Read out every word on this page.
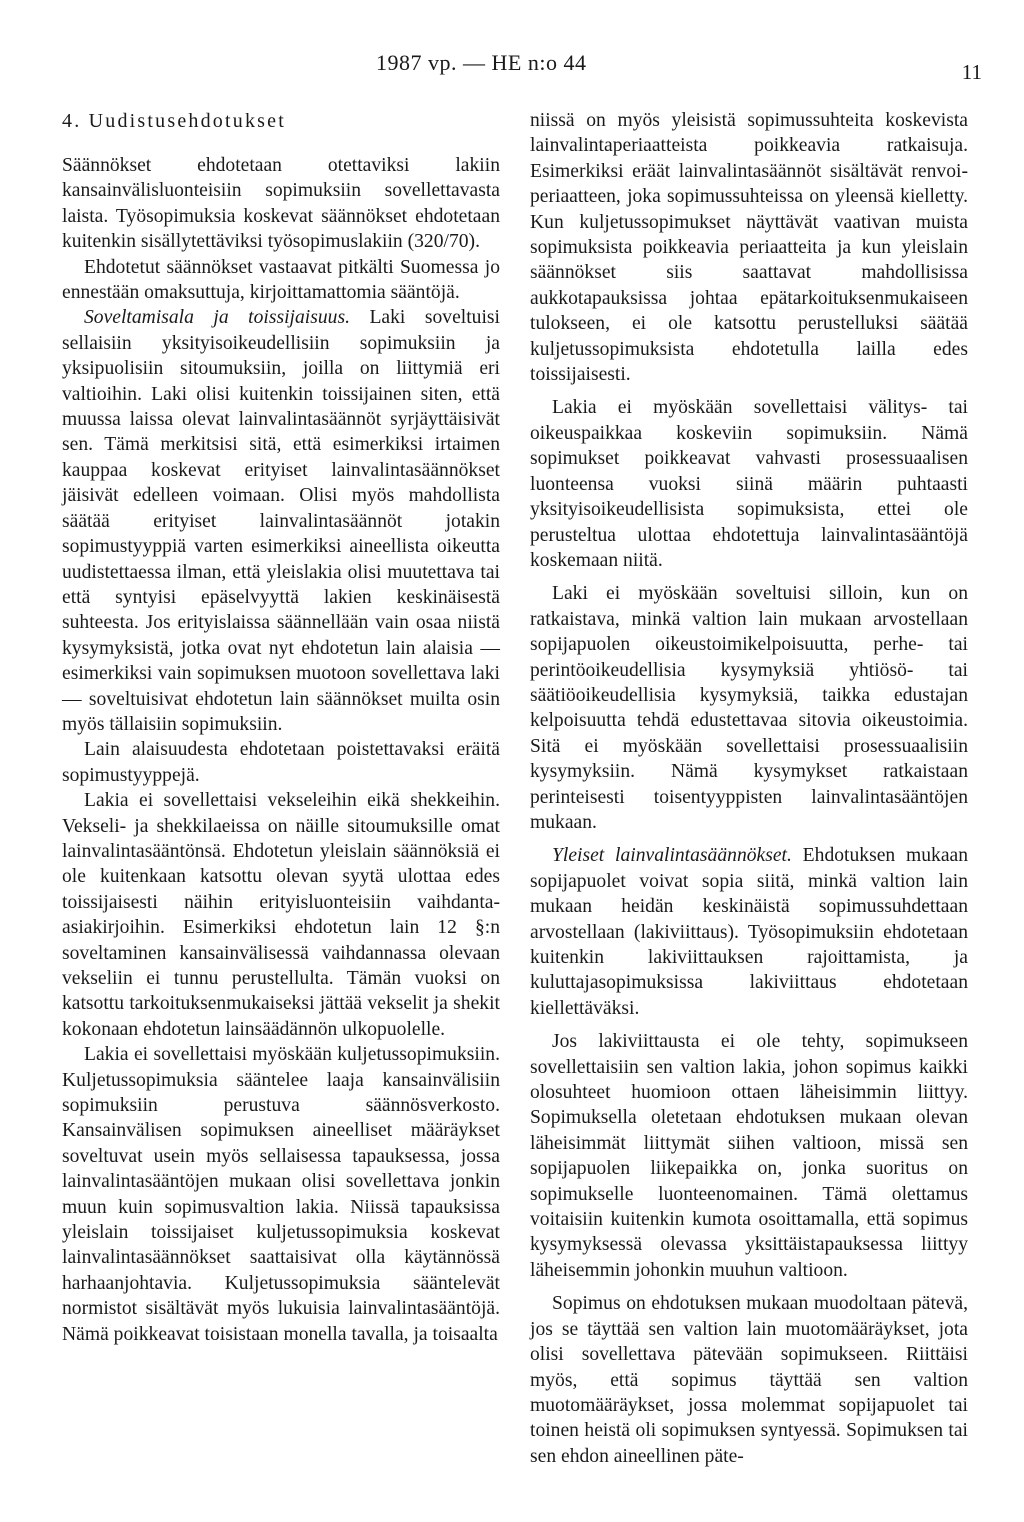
1987 vp. — HE n:o 44	11
4. Uudistusehdotukset

Säännökset ehdotetaan otettaviksi lakiin kansainvälisluonteisiin sopimuksiin sovellettavasta laista. Työsopimuksia koskevat säännökset ehdotetaan kuitenkin sisällytettäviksi työsopimuslakiin (320/70).

Ehdotetut säännökset vastaavat pitkälti Suomessa jo ennestään omaksuttuja, kirjoittamattomia sääntöjä.

Soveltamisala ja toissijaisuus. Laki soveltuisi sellaisiin yksityisoikeudellisiin sopimuksiin ja yksipuolisiin sitoumuksiin, joilla on liittymiä eri valtioihin. Laki olisi kuitenkin toissijainen siten, että muussa laissa olevat lainvalintasäännöt syrjäyttäisivät sen. Tämä merkitsisi sitä, että esimerkiksi irtaimen kauppaa koskevat erityiset lainvalintasäännökset jäisivät edelleen voimaan. Olisi myös mahdollista säätää erityiset lainvalintasäännöt jotakin sopimustyyppiä varten esimerkiksi aineellista oikeutta uudistettaessa ilman, että yleislakia olisi muutettava tai että syntyisi epäselvyyttä lakien keskinäisestä suhteesta. Jos erityislaissa säännellään vain osaa niistä kysymyksistä, jotka ovat nyt ehdotetun lain alaisia — esimerkiksi vain sopimuksen muotoon sovellettava laki — soveltuisivat ehdotetun lain säännökset muilta osin myös tällaisiin sopimuksiin.

Lain alaisuudesta ehdotetaan poistettavaksi eräitä sopimustyyppejä.

Lakia ei sovellettaisi vekseleihin eikä shekkeihin. Vekseli- ja shekkilaeissa on näille sitoumuksille omat lainvalintasääntönsä. Ehdotetun yleislain säännöksiä ei ole kuitenkaan katsottu olevan syytä ulottaa edes toissijaisesti näihin erityisluonteisiin vaihdanta-asiakirjoihin. Esimerkiksi ehdotetun lain 12 §:n soveltaminen kansainvälisessä vaihdannassa olevaan vekseliin ei tunnu perustellulta. Tämän vuoksi on katsottu tarkoituksenmukaiseksi jättää vekselit ja shekit kokonaan ehdotetun lainsäädännön ulkopuolelle.

Lakia ei sovellettaisi myöskään kuljetussopimuksiin. Kuljetussopimuksia sääntelee laaja kansainvälisiin sopimuksiin perustuva säännösverkosto. Kansainvälisen sopimuksen aineelliset määräykset soveltuvat usein myös sellaisessa tapauksessa, jossa lainvalintasääntöjen mukaan olisi sovellettava jonkin muun kuin sopimusvaltion lakia. Niissä tapauksissa yleislain toissijaiset kuljetussopimuksia koskevat lainvalintasäännökset saattaisivat olla käytännössä harhaanjohtavia. Kuljetussopimuksia sääntelevät normistot sisältävät myös lukuisia lainvalintasääntöjä. Nämä poikkeavat toisistaan monella tavalla, ja toisaalta

niissä on myös yleisistä sopimussuhteita koskevista lainvalintaperiaatteista poikkeavia ratkaisuja. Esimerkiksi eräät lainvalintasäännöt sisältävät renvoi-periaatteen, joka sopimussuhteissa on yleensä kielletty. Kun kuljetussopimukset näyttävät vaativan muista sopimuksista poikkeavia periaatteita ja kun yleislain säännökset siis saattavat mahdollisissa aukkotapauksissa johtaa epätarkoituksenmukaiseen tulokseen, ei ole katsottu perustelluksi säätää kuljetussopimuksista ehdotetulla lailla edes toissijaisesti.

Lakia ei myöskään sovellettaisi välitys- tai oikeuspaikkaa koskeviin sopimuksiin. Nämä sopimukset poikkeavat vahvasti prosessuaalisen luonteensa vuoksi siinä määrin puhtaasti yksityisoikeudellisista sopimuksista, ettei ole perusteltua ulottaa ehdotettuja lainvalintasääntöjä koskemaan niitä.

Laki ei myöskään soveltuisi silloin, kun on ratkaistava, minkä valtion lain mukaan arvostellaan sopijapuolen oikeustoimikelpoisuutta, perhe- tai perintöoikeudellisia kysymyksiä yhtiösö- tai säätiöoikeudellisia kysymyksiä, taikka edustajan kelpoisuutta tehdä edustettavaa sitovia oikeustoimia. Sitä ei myöskään sovellettaisi prosessuaalisiin kysymyksiin. Nämä kysymykset ratkaistaan perinteisesti toisentyyppisten lainvalintasääntöjen mukaan.

Yleiset lainvalintasäännökset. Ehdotuksen mukaan sopijapuolet voivat sopia siitä, minkä valtion lain mukaan heidän keskinäistä sopimussuhdettaan arvostellaan (lakiviittaus). Työsopimuksiin ehdotetaan kuitenkin lakiviittauksen rajoittamista, ja kuluttajasopimuksissa lakiviittaus ehdotetaan kiellettäväksi.

Jos lakiviittausta ei ole tehty, sopimukseen sovellettaisiin sen valtion lakia, johon sopimus kaikki olosuhteet huomioon ottaen läheisimmin liittyy. Sopimuksella oletetaan ehdotuksen mukaan olevan läheisimmät liittymät siihen valtioon, missä sen sopijapuolen liikepaikka on, jonka suoritus on sopimukselle luonteenomainen. Tämä olettamus voitaisiin kuitenkin kumota osoittamalla, että sopimus kysymyksessä olevassa yksittäistapauksessa liittyy läheisemmin johonkin muuhun valtioon.

Sopimus on ehdotuksen mukaan muodoltaan pätevä, jos se täyttää sen valtion lain muotomääräykset, jota olisi sovellettava pätevään sopimukseen. Riittäisi myös, että sopimus täyttää sen valtion muotomääräykset, jossa molemmat sopijapuolet tai toinen heistä oli sopimuksen syntyessä. Sopimuksen tai sen ehdon aineellinen päte-
